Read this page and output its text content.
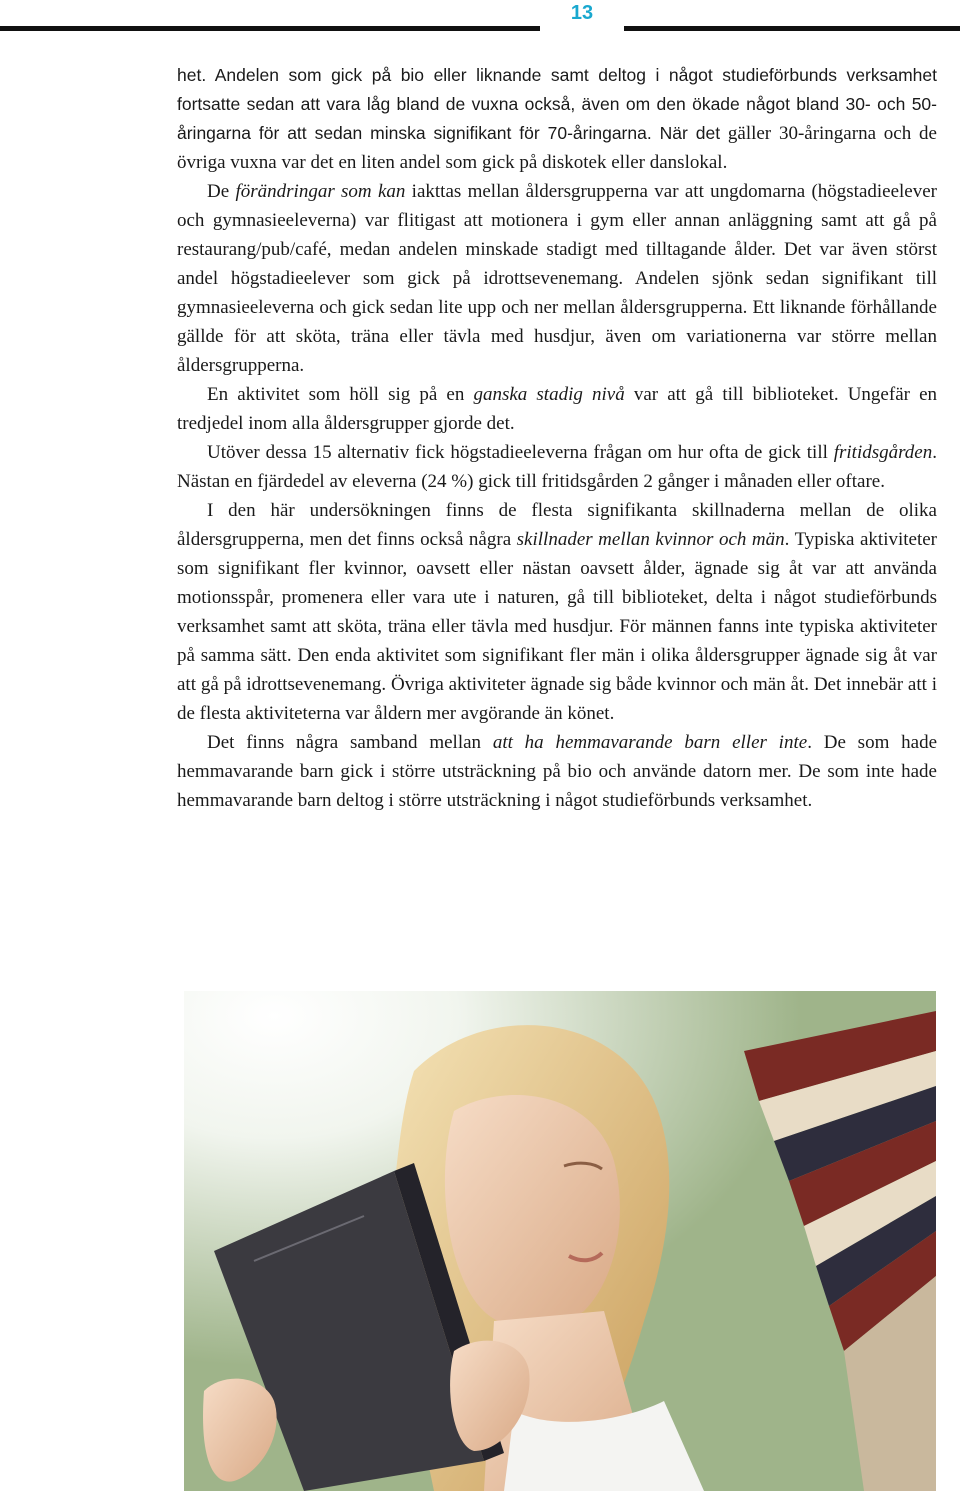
13

het. Andelen som gick på bio eller liknande samt deltog i något studieförbunds verksamhet fortsatte sedan att vara låg bland de vuxna också, även om den ökade något bland 30- och 50-åringarna för att sedan minska signifikant för 70-åringarna. När det gäller 30-åringarna och de övriga vuxna var det en liten andel som gick på diskotek eller danslokal.

De förändringar som kan iakttas mellan åldersgrupperna var att ungdomarna (högstadieelever och gymnasieeleverna) var flitigast att motionera i gym eller annan anläggning samt att gå på restaurang/pub/café, medan andelen minskade stadigt med tilltagande ålder. Det var även störst andel högstadieelever som gick på idrottsevenemang. Andelen sjönk sedan signifikant till gymnasieeleverna och gick sedan lite upp och ner mellan åldersgrupperna. Ett liknande förhållande gällde för att sköta, träna eller tävla med husdjur, även om variationerna var större mellan åldersgrupperna.

En aktivitet som höll sig på en ganska stadig nivå var att gå till biblioteket. Ungefär en tredjedel inom alla åldersgrupper gjorde det.

Utöver dessa 15 alternativ fick högstadieeleverna frågan om hur ofta de gick till fritidsgården. Nästan en fjärdedel av eleverna (24 %) gick till fritidsgården 2 gånger i månaden eller oftare.

I den här undersökningen finns de flesta signifikanta skillnaderna mellan de olika åldersgrupperna, men det finns också några skillnader mellan kvinnor och män. Typiska aktiviteter som signifikant fler kvinnor, oavsett eller nästan oavsett ålder, ägnade sig åt var att använda motionsspår, promenera eller vara ute i naturen, gå till biblioteket, delta i något studieförbunds verksamhet samt att sköta, träna eller tävla med husdjur. För männen fanns inte typiska aktiviteter på samma sätt. Den enda aktivitet som signifikant fler män i olika åldersgrupper ägnade sig åt var att gå på idrottsevenemang. Övriga aktiviteter ägnade sig både kvinnor och män åt. Det innebär att i de flesta aktiviteterna var åldern mer avgörande än könet.

Det finns några samband mellan att ha hemmavarande barn eller inte. De som hade hemmavarande barn gick i större utsträckning på bio och använde datorn mer. De som inte hade hemmavarande barn deltog i större utsträckning i något studieförbunds verksamhet.
